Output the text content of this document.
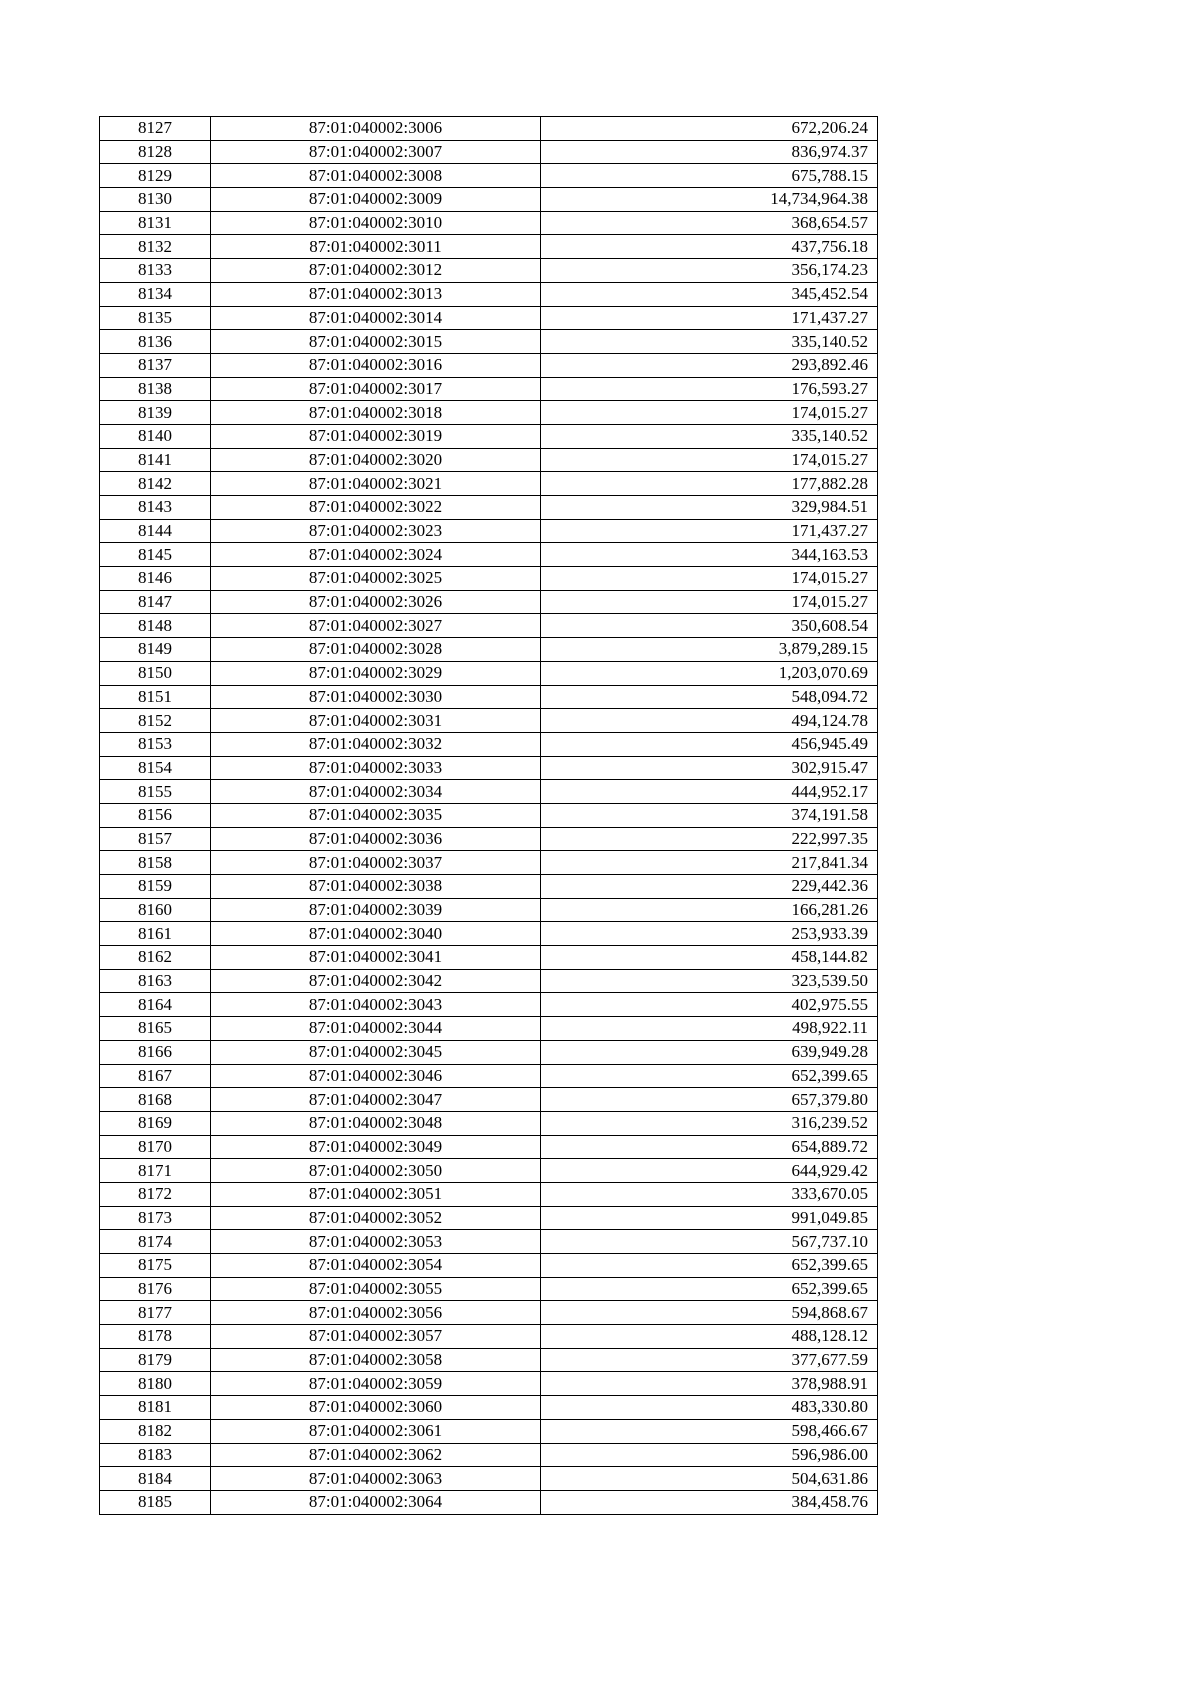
8127	87:01:040002:3006	672,206.24
8128	87:01:040002:3007	836,974.37
8129	87:01:040002:3008	675,788.15
8130	87:01:040002:3009	14,734,964.38
8131	87:01:040002:3010	368,654.57
8132	87:01:040002:3011	437,756.18
8133	87:01:040002:3012	356,174.23
8134	87:01:040002:3013	345,452.54
8135	87:01:040002:3014	171,437.27
8136	87:01:040002:3015	335,140.52
8137	87:01:040002:3016	293,892.46
8138	87:01:040002:3017	176,593.27
8139	87:01:040002:3018	174,015.27
8140	87:01:040002:3019	335,140.52
8141	87:01:040002:3020	174,015.27
8142	87:01:040002:3021	177,882.28
8143	87:01:040002:3022	329,984.51
8144	87:01:040002:3023	171,437.27
8145	87:01:040002:3024	344,163.53
8146	87:01:040002:3025	174,015.27
8147	87:01:040002:3026	174,015.27
8148	87:01:040002:3027	350,608.54
8149	87:01:040002:3028	3,879,289.15
8150	87:01:040002:3029	1,203,070.69
8151	87:01:040002:3030	548,094.72
8152	87:01:040002:3031	494,124.78
8153	87:01:040002:3032	456,945.49
8154	87:01:040002:3033	302,915.47
8155	87:01:040002:3034	444,952.17
8156	87:01:040002:3035	374,191.58
8157	87:01:040002:3036	222,997.35
8158	87:01:040002:3037	217,841.34
8159	87:01:040002:3038	229,442.36
8160	87:01:040002:3039	166,281.26
8161	87:01:040002:3040	253,933.39
8162	87:01:040002:3041	458,144.82
8163	87:01:040002:3042	323,539.50
8164	87:01:040002:3043	402,975.55
8165	87:01:040002:3044	498,922.11
8166	87:01:040002:3045	639,949.28
8167	87:01:040002:3046	652,399.65
8168	87:01:040002:3047	657,379.80
8169	87:01:040002:3048	316,239.52
8170	87:01:040002:3049	654,889.72
8171	87:01:040002:3050	644,929.42
8172	87:01:040002:3051	333,670.05
8173	87:01:040002:3052	991,049.85
8174	87:01:040002:3053	567,737.10
8175	87:01:040002:3054	652,399.65
8176	87:01:040002:3055	652,399.65
8177	87:01:040002:3056	594,868.67
8178	87:01:040002:3057	488,128.12
8179	87:01:040002:3058	377,677.59
8180	87:01:040002:3059	378,988.91
8181	87:01:040002:3060	483,330.80
8182	87:01:040002:3061	598,466.67
8183	87:01:040002:3062	596,986.00
8184	87:01:040002:3063	504,631.86
8185	87:01:040002:3064	384,458.76
